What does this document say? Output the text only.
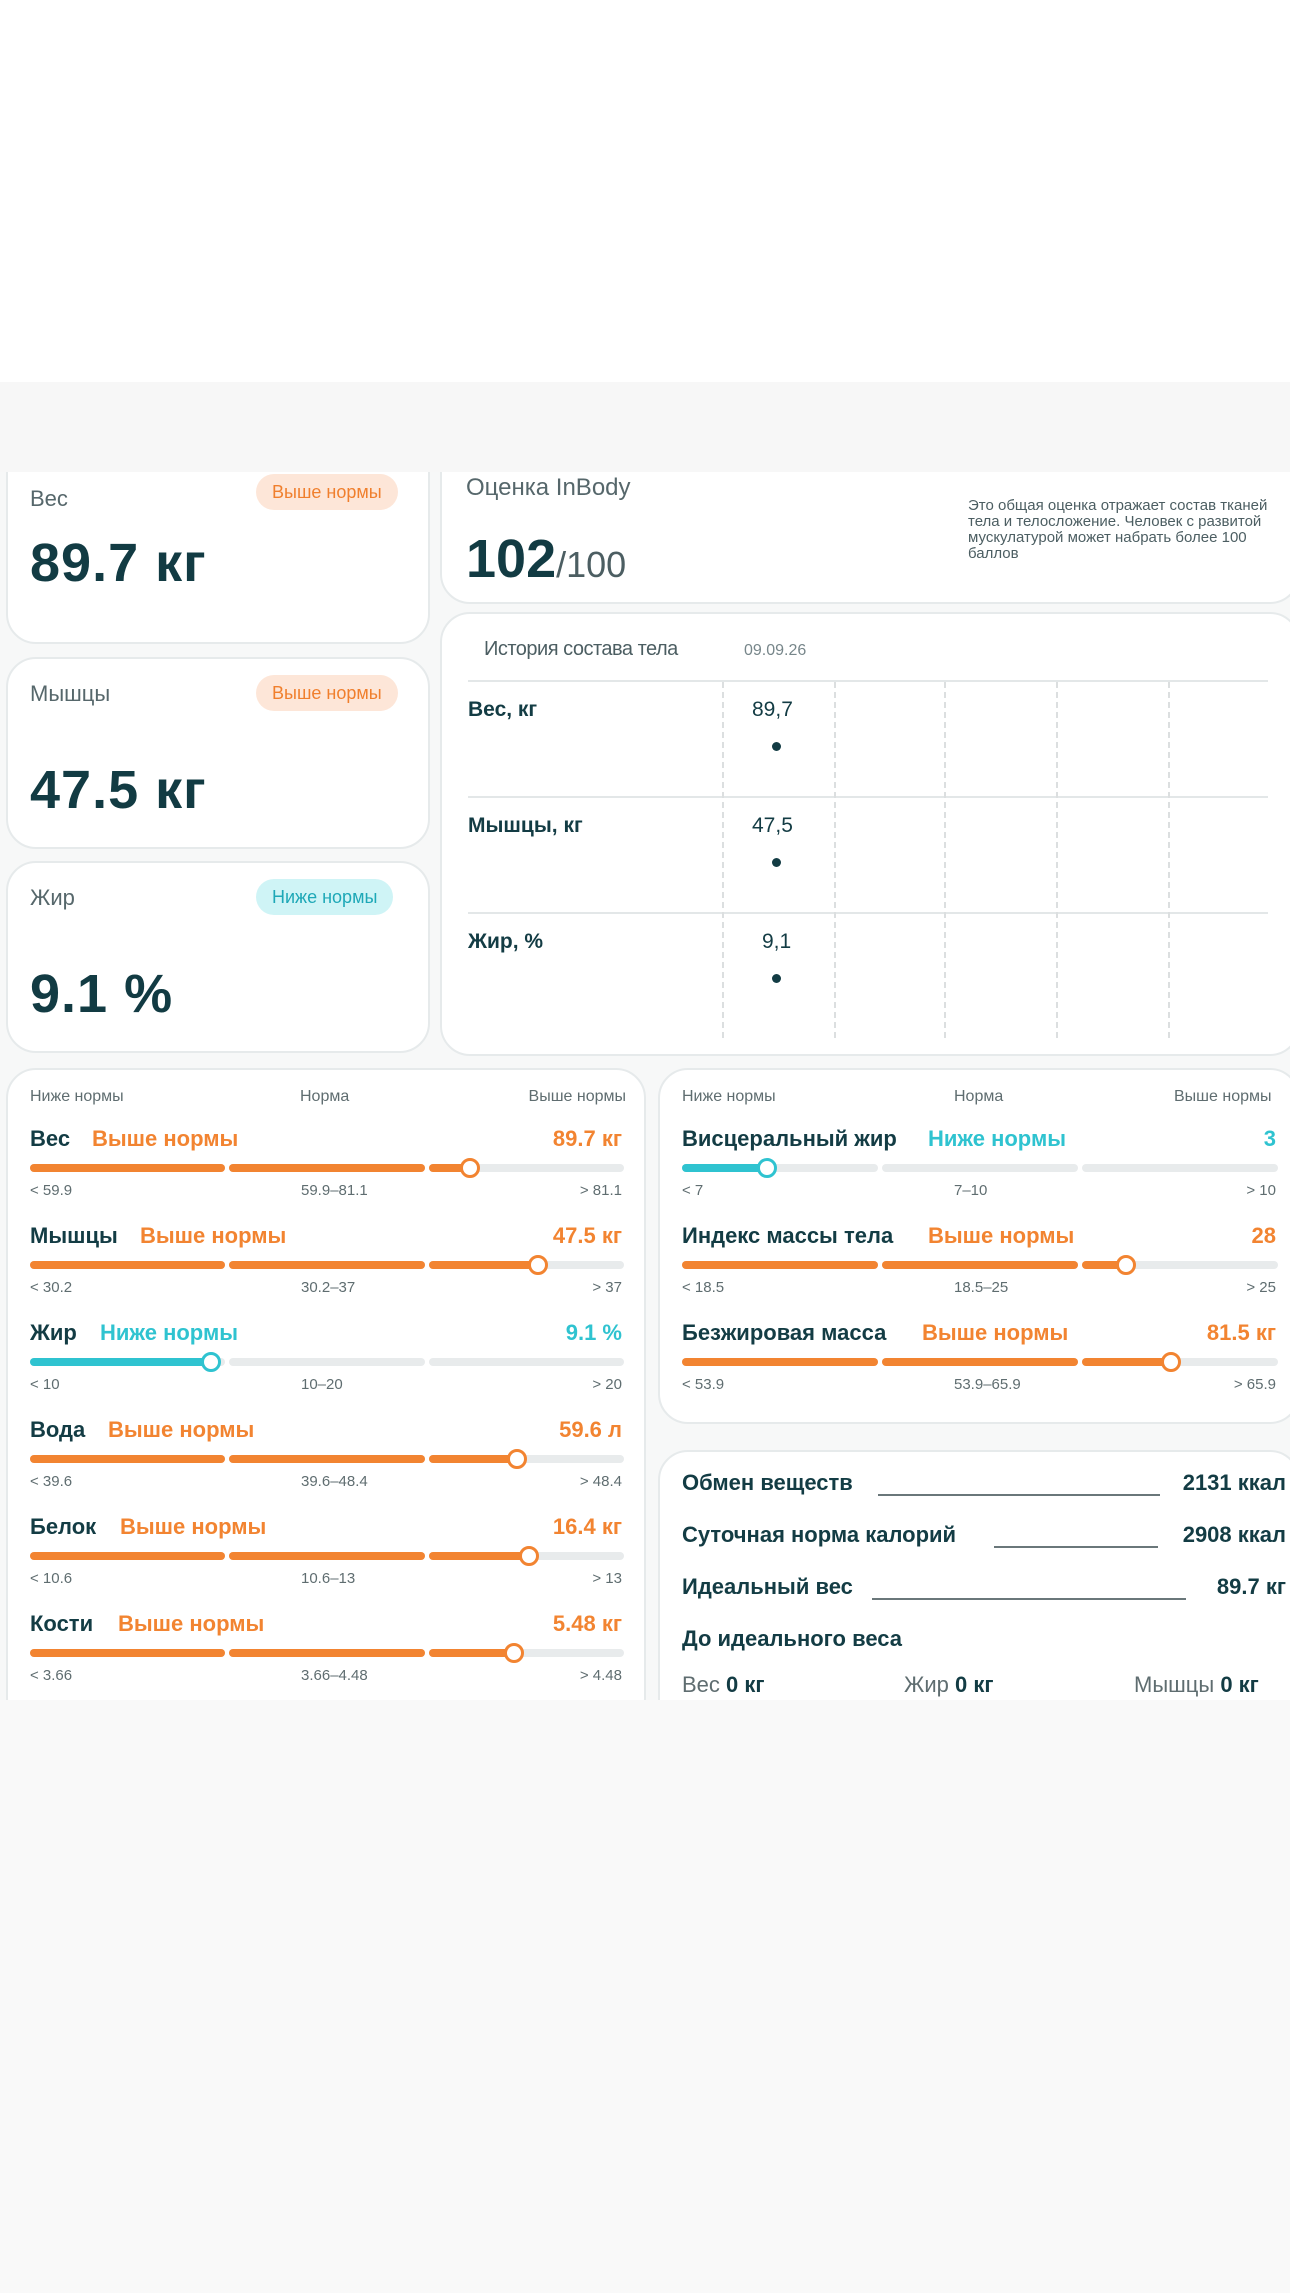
Вес	Выше нормы
89.7 кг
Мышцы	Выше нормы
47.5 кг
Жир	Ниже нормы
9.1 %
Оценка InBody
102/100
Это общая оценка отражает состав тканей тела и телосложение. Человек с развитой мускулатурой может набрать более 100 баллов
История состава тела	09.09.26
Вес, кг	89,7
Мышцы, кг	47,5
Жир, %	9,1
Ниже нормы	Норма	Выше нормы
Вес Выше нормы	89.7 кг
< 59.9	59.9–81.1	> 81.1
Мышцы Выше нормы	47.5 кг
< 30.2	30.2–37	> 37
Жир Ниже нормы	9.1 %
< 10	10–20	> 20
Вода Выше нормы	59.6 л
< 39.6	39.6–48.4	> 48.4
Белок Выше нормы	16.4 кг
< 10.6	10.6–13	> 13
Кости Выше нормы	5.48 кг
< 3.66	3.66–4.48	> 4.48
Ниже нормы	Норма	Выше нормы
Висцеральный жир Ниже нормы	3
< 7	7–10	> 10
Индекс массы тела Выше нормы	28
< 18.5	18.5–25	> 25
Безжировая масса Выше нормы	81.5 кг
< 53.9	53.9–65.9	> 65.9
Обмен веществ	2131 ккал
Суточная норма калорий	2908 ккал
Идеальный вес	89.7 кг
До идеального веса
Вес 0 кг	Жир 0 кг	Мышцы 0 кг
